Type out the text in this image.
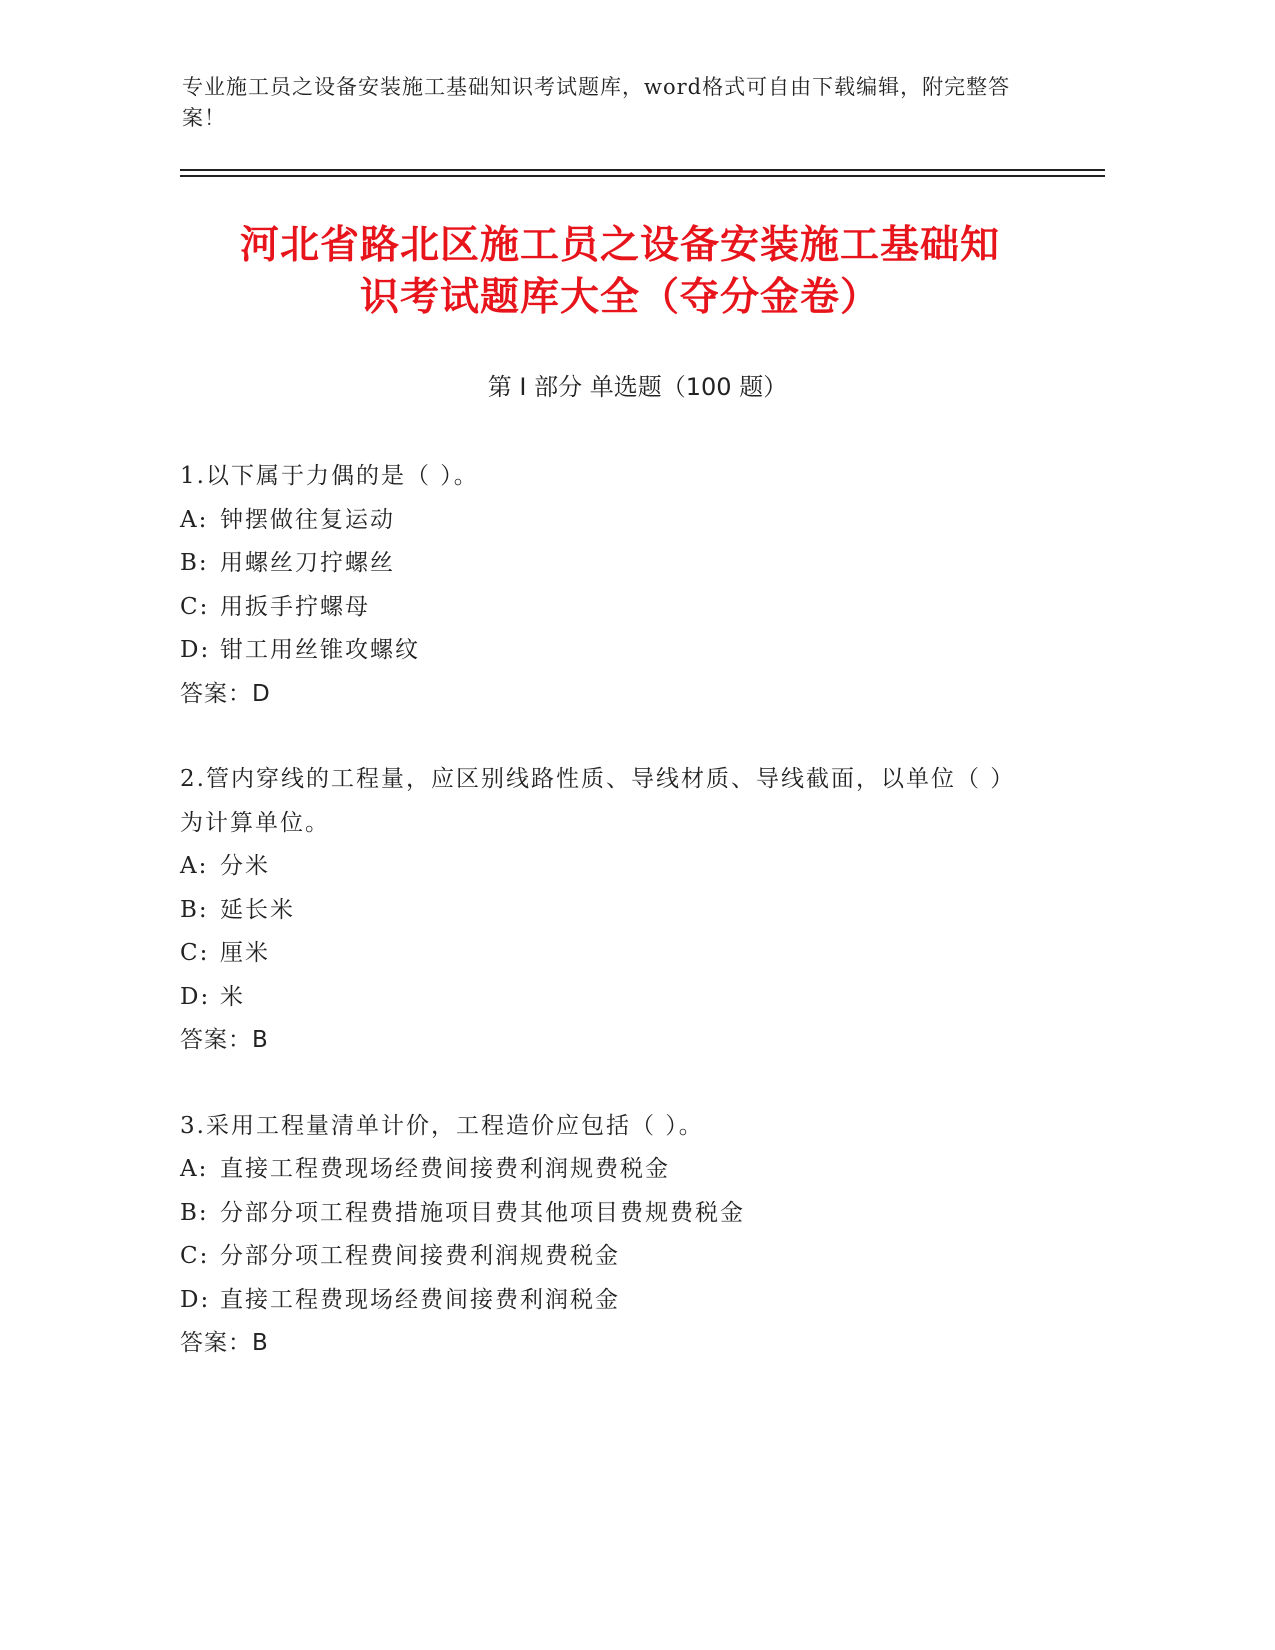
专业施工员之设备安装施工基础知识考试题库，word格式可自由下载编辑，附完整答案！
河北省路北区施工员之设备安装施工基础知
识考试题库大全（夺分金卷）
第 I 部分 单选题（100 题）
1.以下属于力偶的是（ ）。
A: 钟摆做往复运动
B: 用螺丝刀拧螺丝
C: 用扳手拧螺母
D: 钳工用丝锥攻螺纹
答案：D
2.管内穿线的工程量，应区别线路性质、导线材质、导线截面，以单位（ ）为计算单位。
A: 分米
B: 延长米
C: 厘米
D: 米
答案：B
3.采用工程量清单计价，工程造价应包括（ ）。
A: 直接工程费现场经费间接费利润规费税金
B: 分部分项工程费措施项目费其他项目费规费税金
C: 分部分项工程费间接费利润规费税金
D: 直接工程费现场经费间接费利润税金
答案：B
